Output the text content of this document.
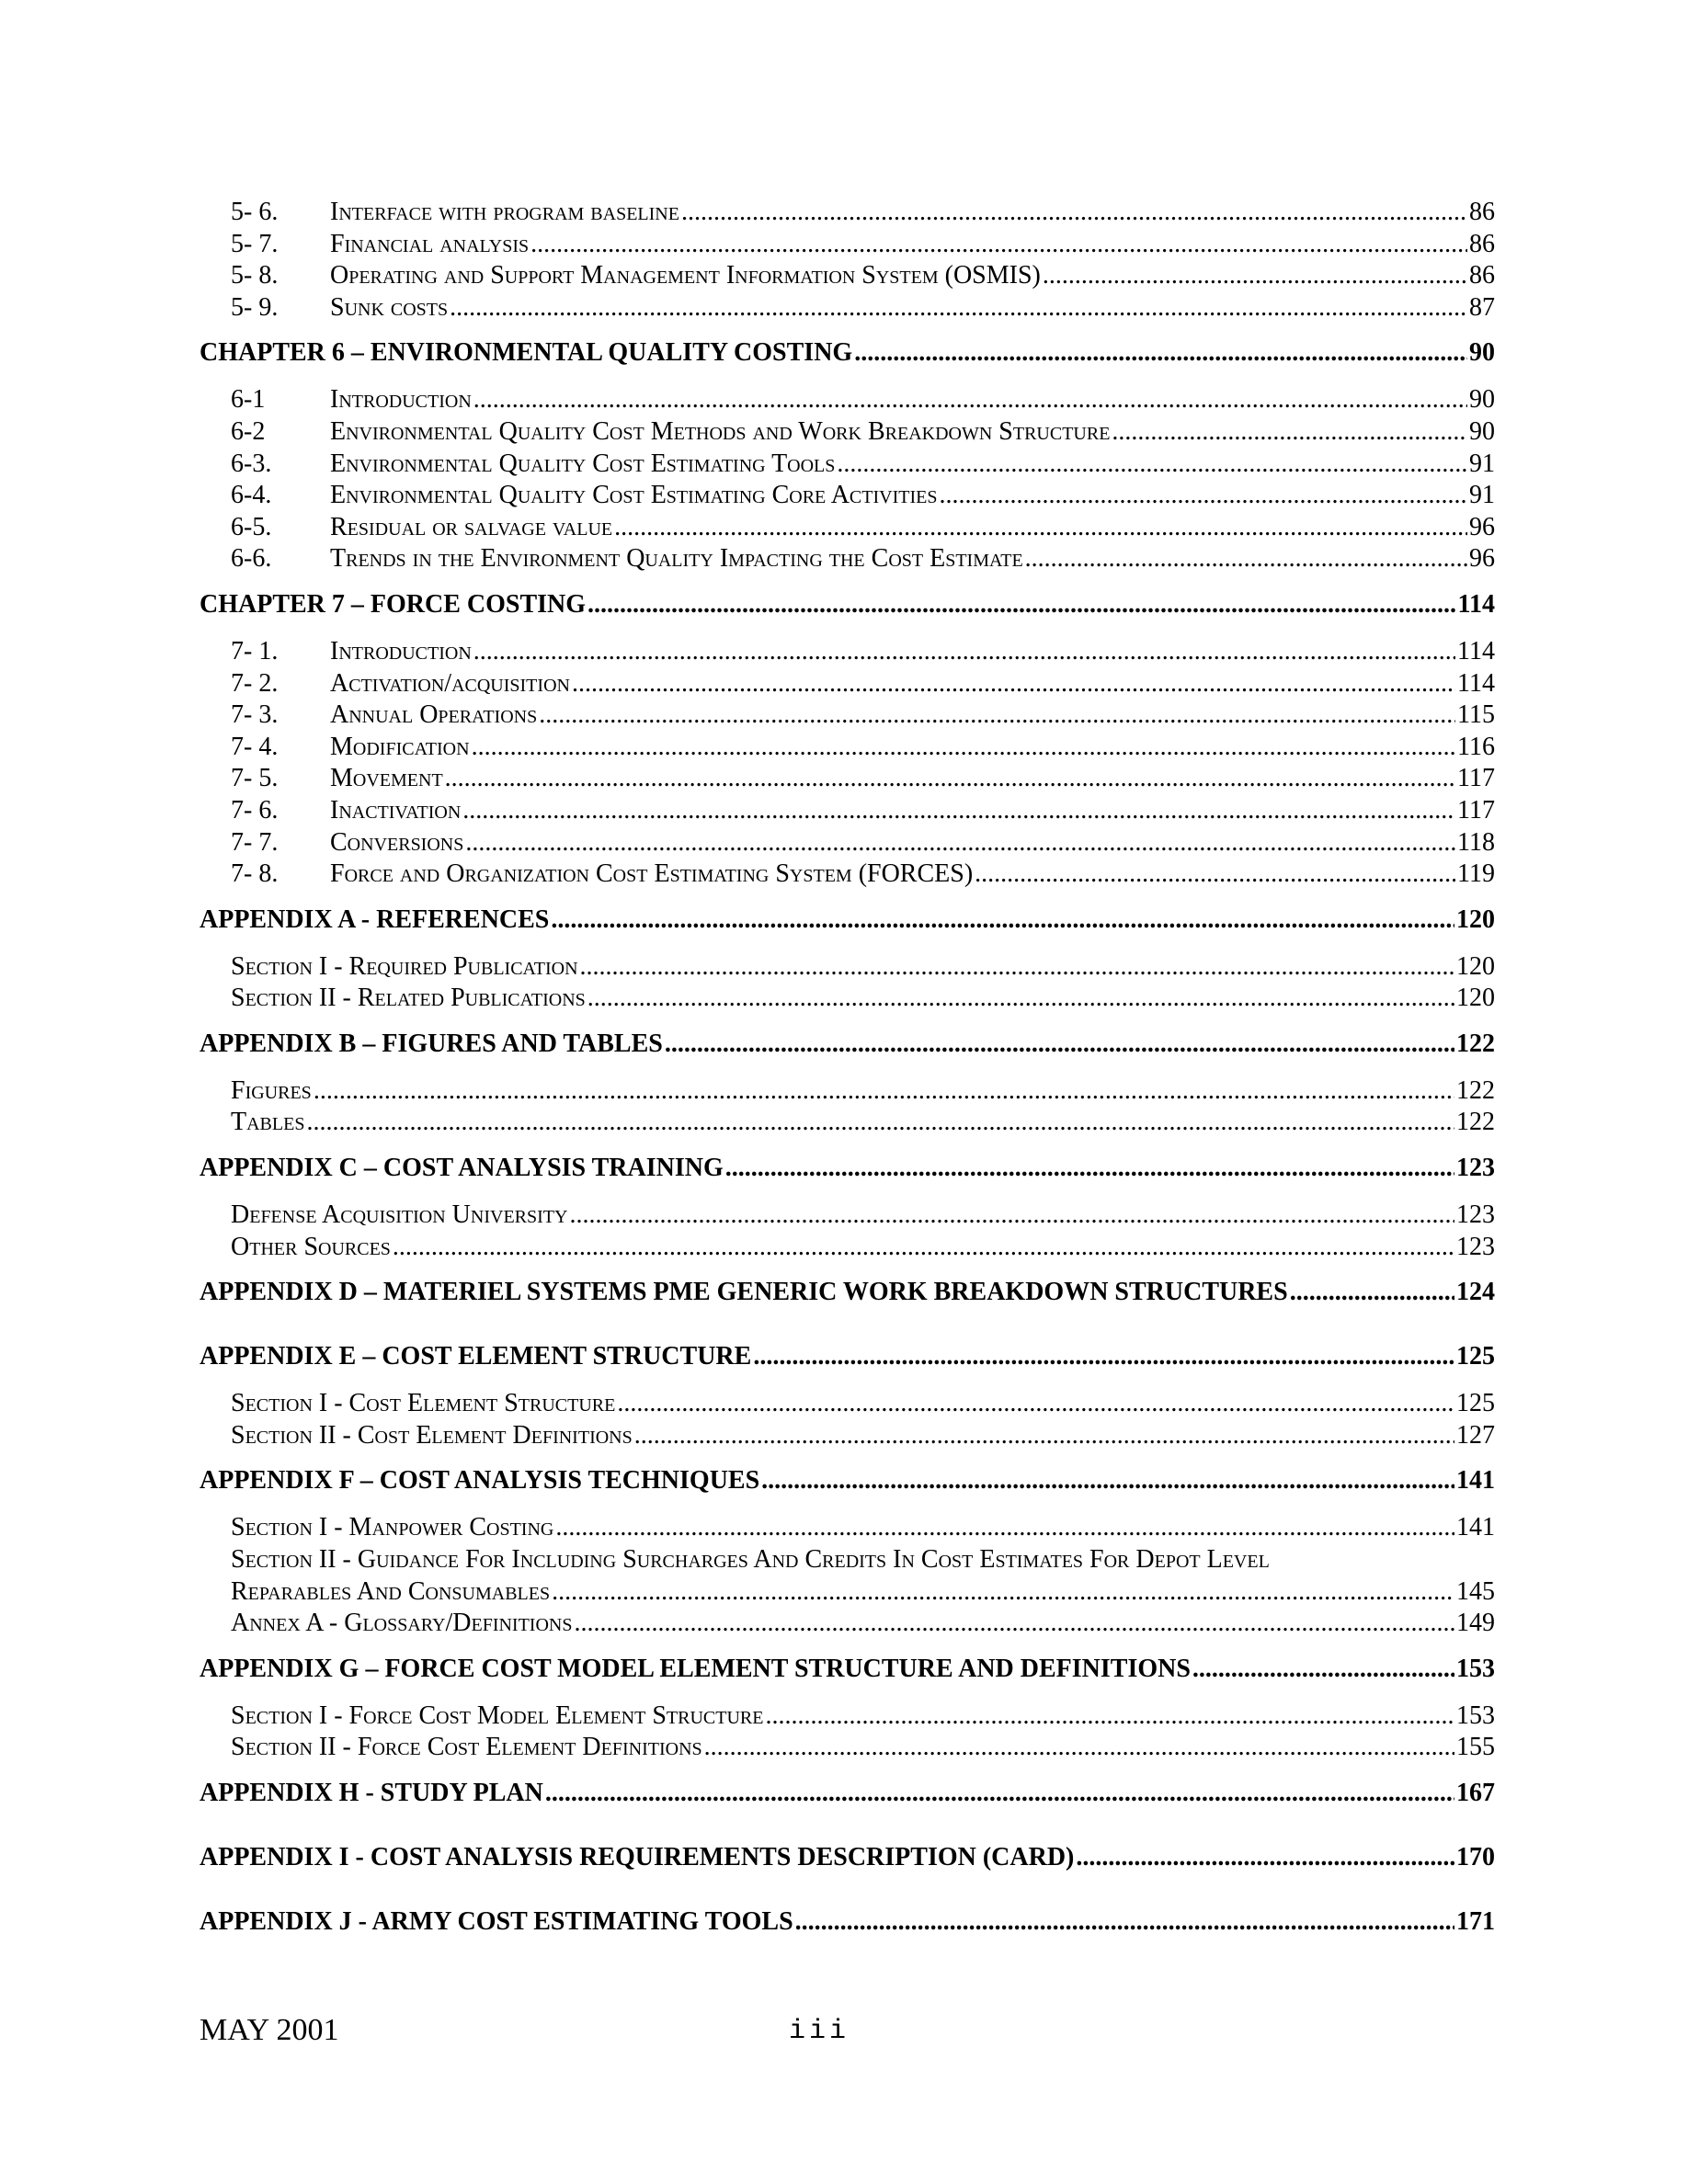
5- 6.	Interface with program baseline .....	86
5- 7.	Financial analysis .....	86
5- 8.	Operating and Support Management Information System (OSMIS) .....	86
5- 9.	Sunk costs .....	87
CHAPTER 6 – ENVIRONMENTAL QUALITY COSTING .....	90
6-1	Introduction .....	90
6-2	Environmental Quality Cost Methods and Work Breakdown Structure .....	90
6-3.	Environmental Quality Cost Estimating Tools .....	91
6-4.	Environmental Quality Cost Estimating Core Activities .....	91
6-5.	Residual or salvage value .....	96
6-6.	Trends in the Environment Quality Impacting the Cost Estimate .....	96
CHAPTER 7 – FORCE COSTING .....	114
7- 1.	Introduction .....	114
7- 2.	Activation/acquisition .....	114
7- 3.	Annual Operations .....	115
7- 4.	Modification .....	116
7- 5.	Movement .....	117
7- 6.	Inactivation .....	117
7- 7.	Conversions .....	118
7- 8.	Force and Organization Cost Estimating System (FORCES) .....	119
APPENDIX A - REFERENCES .....	120
Section I - Required Publication .....	120
Section II - Related Publications .....	120
APPENDIX B – FIGURES AND TABLES .....	122
Figures .....	122
Tables .....	122
APPENDIX C – COST ANALYSIS TRAINING .....	123
Defense Acquisition University .....	123
Other Sources .....	123
APPENDIX D – MATERIEL SYSTEMS PME GENERIC WORK BREAKDOWN STRUCTURES .....	124
APPENDIX E – COST ELEMENT STRUCTURE .....	125
Section I - Cost Element Structure .....	125
Section II - Cost Element Definitions .....	127
APPENDIX F – COST ANALYSIS TECHNIQUES .....	141
Section I - Manpower Costing .....	141
Section II - Guidance For Including Surcharges And Credits In Cost Estimates For Depot Level
Reparables And Consumables .....	145
Annex A - Glossary/Definitions .....	149
APPENDIX G – FORCE COST MODEL ELEMENT STRUCTURE AND DEFINITIONS .....	153
Section I - Force Cost Model Element Structure .....	153
Section II - Force Cost Element Definitions .....	155
APPENDIX H - STUDY PLAN .....	167
APPENDIX I - COST ANALYSIS REQUIREMENTS DESCRIPTION (CARD) .....	170
APPENDIX J - ARMY COST ESTIMATING TOOLS .....	171
MAY 2001	iii
